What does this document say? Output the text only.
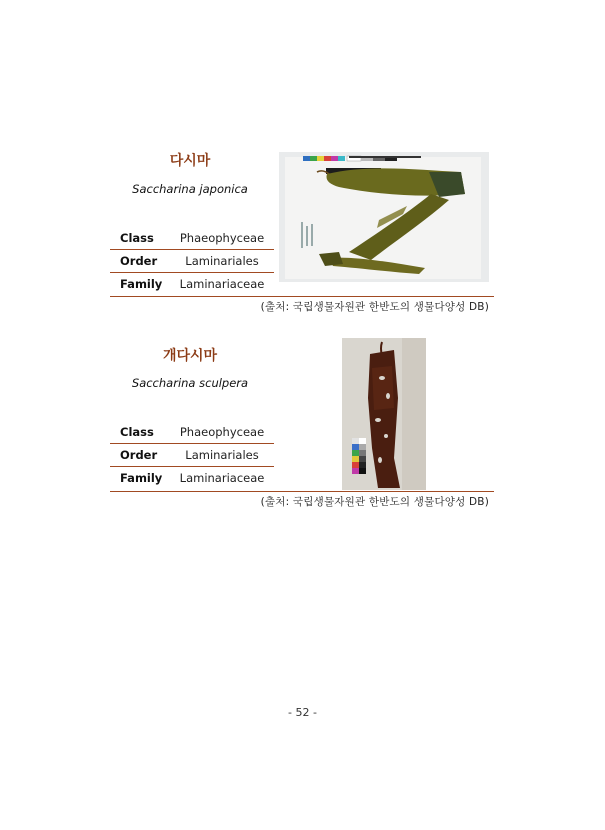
다시마
Saccharina japonica
Class	Phaeophyceae
Order	Laminariales
Family	Laminariaceae
(출처: 국립생물자원관 한반도의 생물다양성 DB)
개다시마
Saccharina sculpera
Class	Phaeophyceae
Order	Laminariales
Family	Laminariaceae
(출처: 국립생물자원관 한반도의 생물다양성 DB)
- 52 -
